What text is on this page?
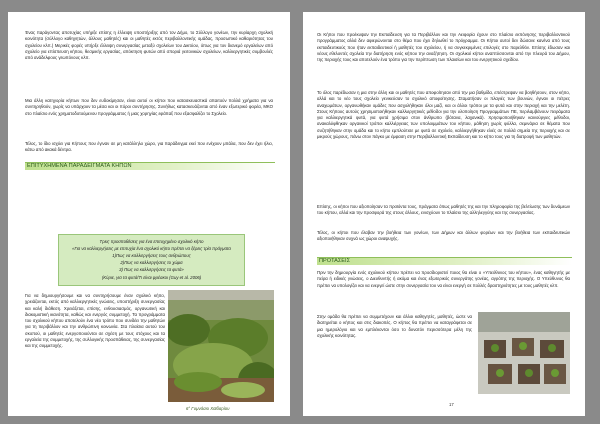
Ένας παράγοντας αποτυχίας υπήρξε επίσης η έλλειψη υποστήριξης από τον Δήμο, το Σύλλογο γονέων, την κυρίαρχη σχολική κοινότητα (σύλλογο καθηγητών, άλλους μαθητές) και οι μαθητές εκτός περιβαλλοντικής ομάδας, προσωπικό καθαριότητας του σχολείου κλπ.) Μερικές φορές υπήρξε έλλειψη συνεργασίας μεταξύ σχολείων του Δικτύου, όπως για τον διανεμό εργαλείων από σχολείο για επίσπευση κήπου, θεσμικής εργασίας, απόκτηση φυτών από σποριά γειτονικών σχολείων, καλλιεργητικές συμβουλές από ανάδελφους γεωπόνους κλπ.

Μια άλλη κατηγορία κήπων που δεν ευδοκίμησαν, είναι αυτοί οι κήποι που κατασκευαστικά απαιτούν πολλά χρήματα για να συντηρηθούν, χωρίς να υπάρχουν τα μέσα και οι πόροι συντήρησης. Συνήθως κατασκευάζονται από έναν εξωτερικό φορέα, ΜΚΟ στο πλαίσιο ενός χρηματοδοτούμενου προγράμματος ή μιας χορηγίας εφάπαξ που εξασφαλίζει το Σχολείο.

Τέλος, το ίδιο ισχύει για Κήπους που έγιναν σε μη κατάλληλο χώρο, για παράδειγμα εκεί που ενέχουν μπάλα, που δεν έχει ήλιο, κάτω από ακακά δέντρα.

ΕΠΙΤΥΧΗΜΕΝΑ ΠΑΡΑΔΕΙΓΜΑΤΑ ΚΗΠΩΝ
Τρεις προϋποθέσεις για ένα επιτυχημένο σχολικό κήπο
«Για να καλλιεργήσεις με επιτυχία ένα σχολικό κήπο πρέπει να ξέρεις τρία πράγματα
1)Πως να καλλιεργήσεις τους ανθρώπους
2)Πως να καλλιεργήσεις το χώμα
3) Πως να καλλιεργήσεις τα φυτά»
(Κύριε, για τα φυτά/Τι είναι φρέσκοι (Guy et al. 2006)

Για να δημιουργήσουμε και να συντηρήσουμε έναν σχολικό κήπο, χρειάζονται, εκτός από καλλιεργητικές γνώσεις, υποστήριξη συνεργασίας και καλή διάθεση. Χρειάζεται, επίσης, ενθουσιασμός, οργανωτική και διακομιστική ικανότητα, καθώς και ενεργός συμμετοχή. Τα προγράμματα του σχολικού κήπου αποτελούν ένα νέο τρόπο που συνδέει την μαθητών για τη περιβάλλον και την ανθρώπινη κοινωνία. Στα πλαίσια αυτού του σκοπού, οι μαθητές ενεργοποιούνται σε σχέση με τους στόχους και τα εργαλεία της συμμετοχής, της συλλογικής προσπάθειας, της συνεργασίας και της συμμετοχής.

6° Γυμνάσιο Χαϊδαρίου

Οι Κήποι που προέκυψαν την Εκπαίδευση για τα Περιβάλλον και την Αειφορία έχουν στο πλαίσιο εκπόνησης περιβαλλοντικού προγράμματος αλλά δεν αφιερώνονται στο θέμα που έχει δηλωθεί το πρόγραμμα. Οι Κήποι αυτοί δεν δώσανε κανένα από τους εκπαιδευτικούς που ήταν εκπαιδευτικοί ή μαθητές του σχολείου, ή να συγκεκριμένες επιλογές στο παρελθόν. Επίσης έδωσαν και νέους εθελοντές σχολεία την διατήρηση ενός κήπου την αναζήτηση. Οι σχολικοί κήποι αναπτύσσονται από την πλευρά του Δήμου, της περιοχής τους και αποτελούν ένα τρόπο για την περίπτωση των πλαισίων και του ενεργητικού σχεδίου.

Το όλος παρέδωσαν η μια στην άλλη και οι μαθητές που αποφοίτησαν από την μια βαθμίδα, επέστρεψαν να βοηθήσουν, στον κήπο, αλλά και το νέο τους σχολείο γενικεύσαν το σχολικό αποφοίτησης. Σταματήσαν οι πλαγιές των βουνών, έγιναν οι πέτρες αναχωμάτων, οργανωθήκαν ομάδες που ασχολήθηκαν όλοι μαζί, και οι άλλοι τρόποι με τα φυτά και στην περιοχή και την μελέτη. Στους Κήπους αυτούς χρησιμοποιήθηκαν καλλιεργητικές μέθοδοι για την υλοποίηση Προγραμμάτων ΠΕ, περιλαμβάνουν πειράματα για καλλιεργητικά φυτά, για φυτά χρήσιμα στον άνθρωπο (βότανα, λαχανικά). Χρησιμοποιήθηκαν καινούργιες μέθοδοι, ανακαλύφθηκαν οργανικοί τρόποι καλλιέργειας των υπολοιμμάτων του κήπου, μάθηση χωρίς φύλλα, σεμινάρια σε θέματα που συζητήθηκαν στην ομάδα και το κήπο εμπλούτισε με φυτά σε σχολείο, καλλιεργήθηκαν ελιές σε πολλά σημεία της περιοχής και σε μικρούς χώρους, πάνω στον πάγκο με έμφαση στην Περιβαλλοντική Εκπαίδευση και το κήπο τους για τη διατροφή των μαθητών.

Επίσης, οι κήποι που αξιοποίησαν τα προϊόντα τους, πράγματα όπως μαθητές της και την πληροφορία της βελτίωσης των δυνάμεων του κήπου, αλλά και την προσφορά της στους άλλους, ενισχύουν το πλαίσιο της αλληλεγγύης και της συνεργασίας.

Τέλος, οι κήποι που έλαβαν την βοήθεια των γονέων, των Δήμων και άλλων φορέων και την βοήθεια των εκπαιδευτικών αξιοποιήθηκαν συχνά ως χώροι αναψυχής.

ΠΡΟΤΑΣΕΙΣ

Πριν την δημιουργία ενός σχολικού κήπου πρέπει να προσδιοριστεί ποιος θα είναι ο «Υπεύθυνος του κήπου», ένας καθηγητής με πείρα ή ειδικές γνώσεις, ο Διευθυντής ή ακόμα και ένας εξωτερικός συνεργάτης γονέας, αγρότης της περιοχής. Ο Υπεύθυνος θα πρέπει να υπολογίζει και να ενεργεί ώστε στην συνεργασία του να είναι ενεργή σε πολλές δραστηριότητες με τους μαθητές κλπ.

Στην ομάδα θα πρέπει να συμμετέχουν και άλλοι καθηγητές, μαθητές, ώστε να διατηρείται ο κήπος και στις διακοπές. Ο κήπος θα πρέπει να καταγράφεται σε μια ημερολόγιο και να εμπλέκονται όσο το δυνατόν περισσότερα μέλη της σχολικής κοινότητας.

17
